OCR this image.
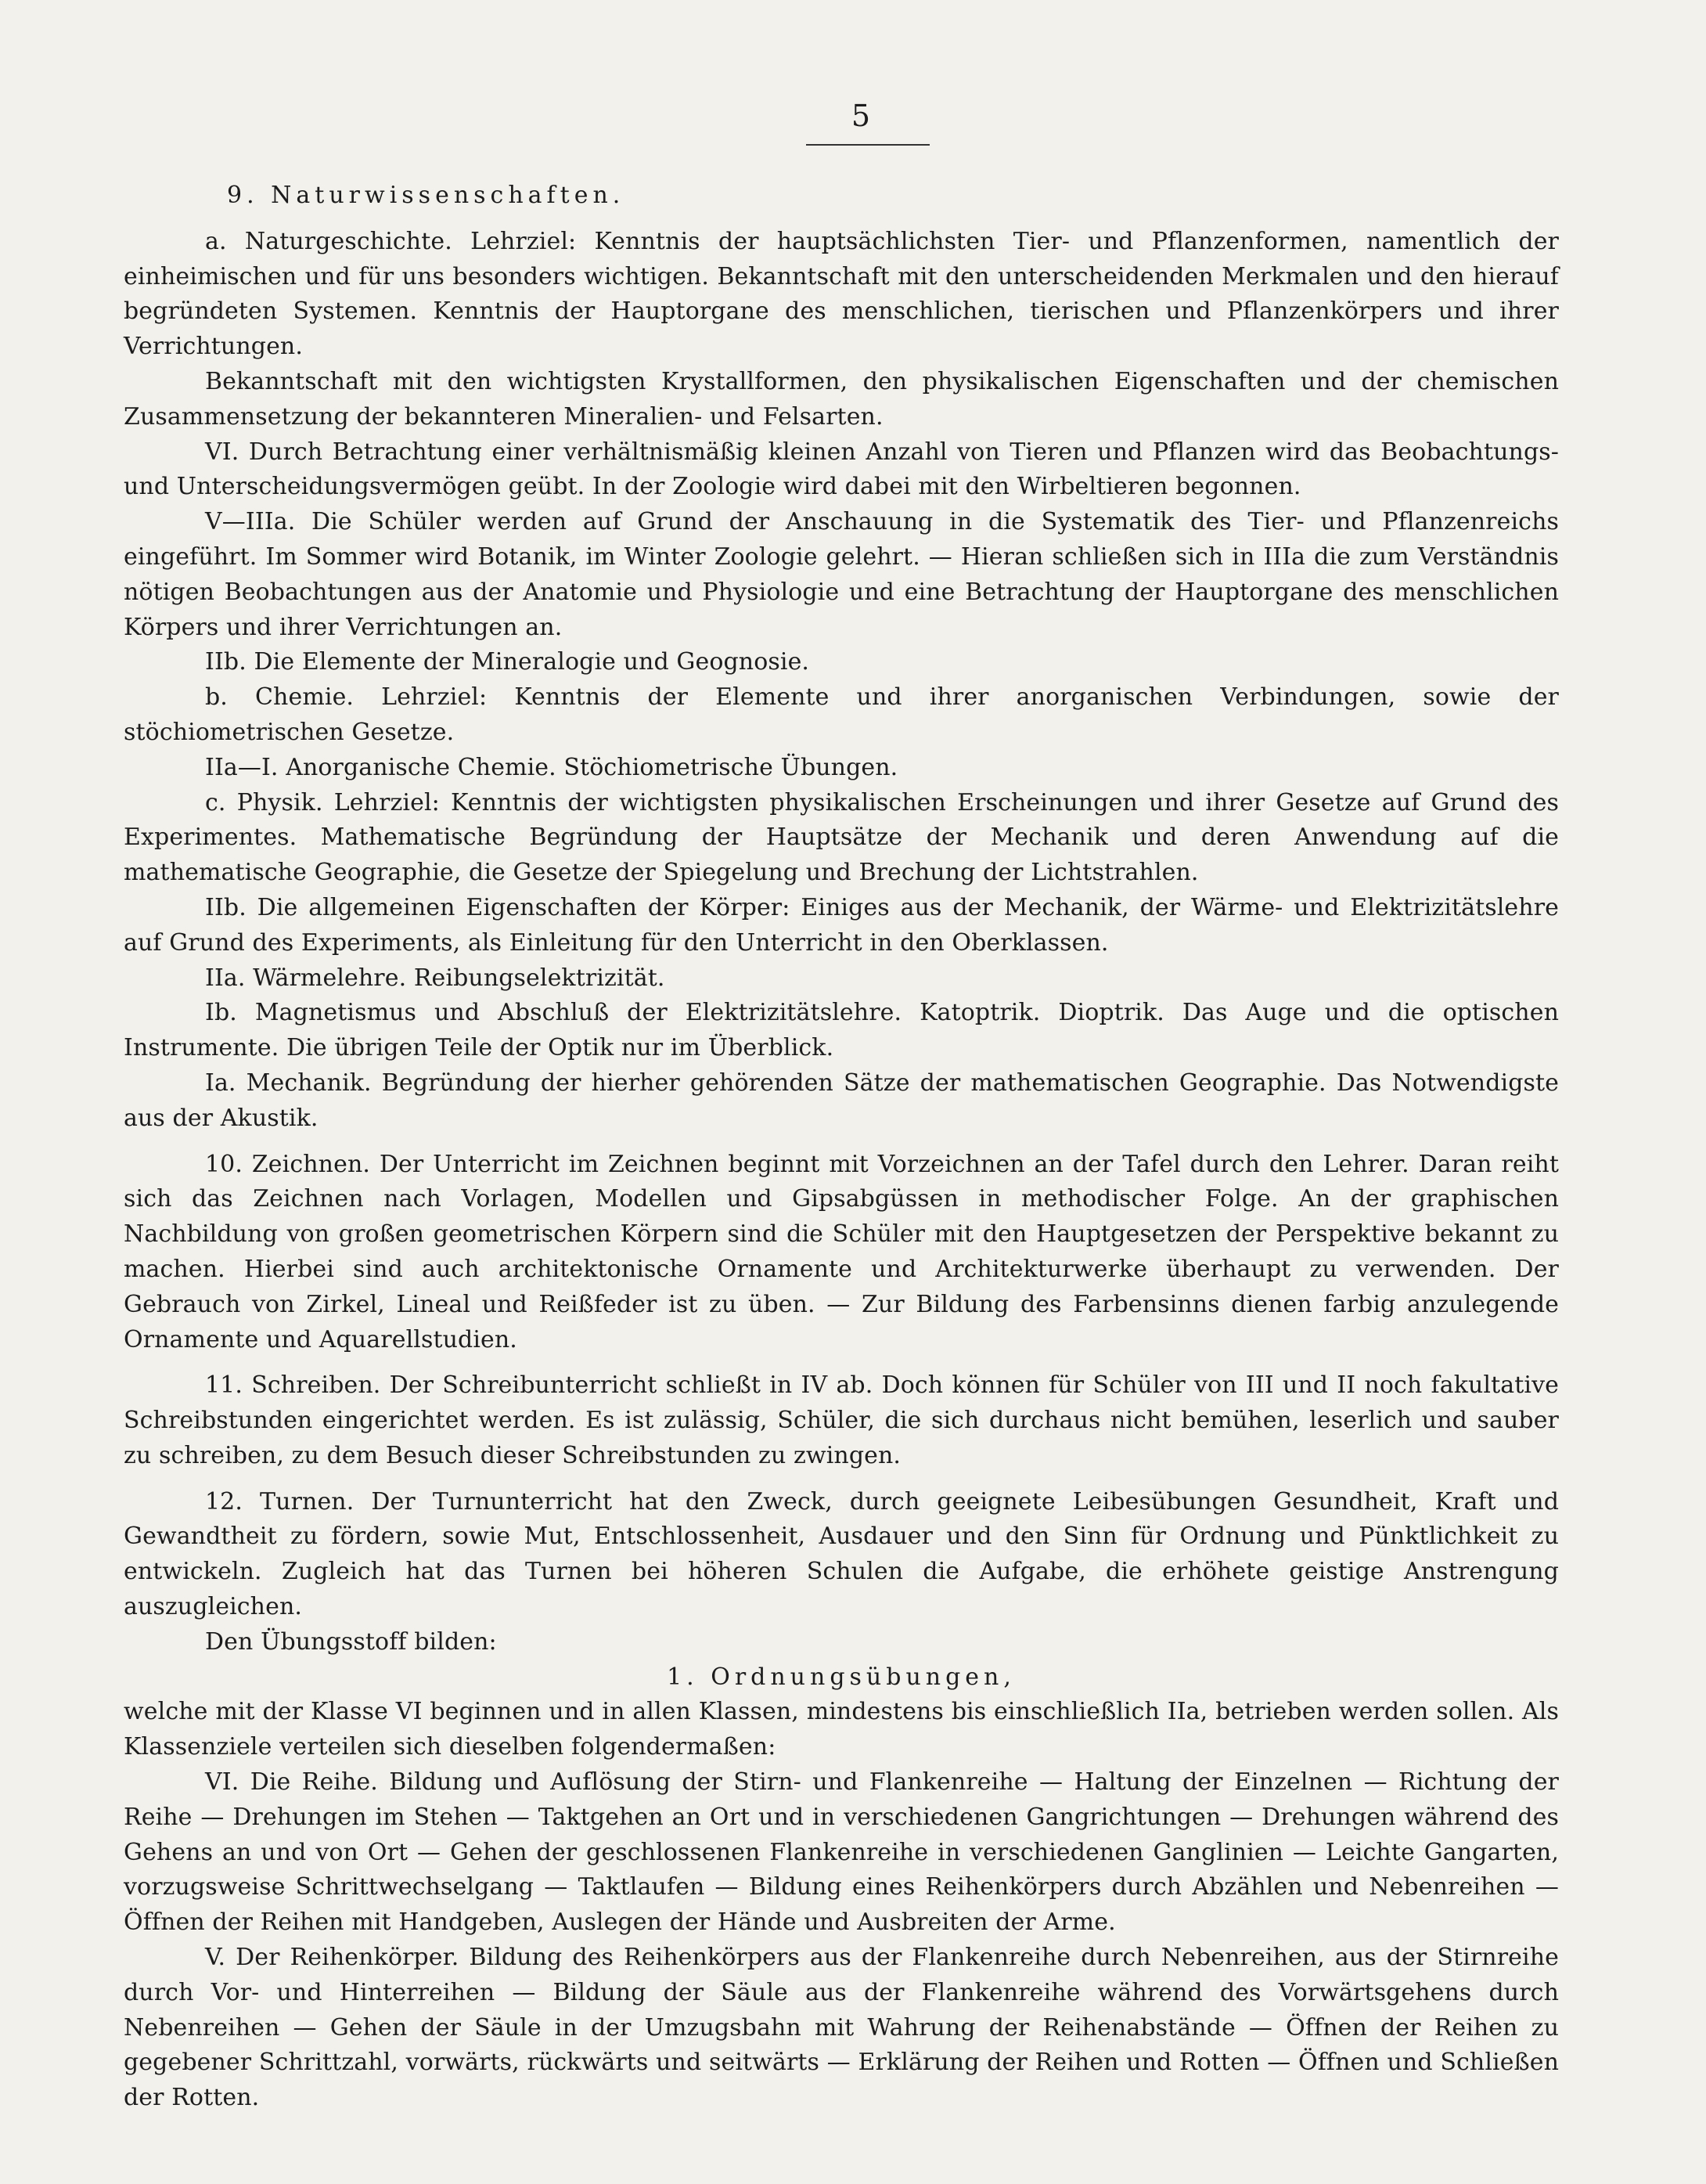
5

9. Naturwissenschaften.

a. Naturgeschichte. Lehrziel: Kenntnis der hauptsächlichsten Tier- und Pflanzenformen, namentlich der einheimischen und für uns besonders wichtigen. Bekanntschaft mit den unterscheidenden Merkmalen und den hierauf begründeten Systemen. Kenntnis der Hauptorgane des menschlichen, tierischen und Pflanzenkörpers und ihrer Verrichtungen.

Bekanntschaft mit den wichtigsten Krystallformen, den physikalischen Eigenschaften und der chemischen Zusammensetzung der bekannteren Mineralien- und Felsarten.

VI. Durch Betrachtung einer verhältnismäßig kleinen Anzahl von Tieren und Pflanzen wird das Beobachtungs- und Unterscheidungsvermögen geübt. In der Zoologie wird dabei mit den Wirbeltieren begonnen.

V—IIIa. Die Schüler werden auf Grund der Anschauung in die Systematik des Tier- und Pflanzenreichs eingeführt. Im Sommer wird Botanik, im Winter Zoologie gelehrt. — Hieran schließen sich in IIIa die zum Verständnis nötigen Beobachtungen aus der Anatomie und Physiologie und eine Betrachtung der Hauptorgane des menschlichen Körpers und ihrer Verrichtungen an.

IIb. Die Elemente der Mineralogie und Geognosie.

b. Chemie. Lehrziel: Kenntnis der Elemente und ihrer anorganischen Verbindungen, sowie der stöchiometrischen Gesetze.

IIa—I. Anorganische Chemie. Stöchiometrische Übungen.

c. Physik. Lehrziel: Kenntnis der wichtigsten physikalischen Erscheinungen und ihrer Gesetze auf Grund des Experimentes. Mathematische Begründung der Hauptsätze der Mechanik und deren Anwendung auf die mathematische Geographie, die Gesetze der Spiegelung und Brechung der Lichtstrahlen.

IIb. Die allgemeinen Eigenschaften der Körper: Einiges aus der Mechanik, der Wärme- und Elektrizitätslehre auf Grund des Experiments, als Einleitung für den Unterricht in den Oberklassen.

IIa. Wärmelehre. Reibungselektrizität.

Ib. Magnetismus und Abschluß der Elektrizitätslehre. Katoptrik. Dioptrik. Das Auge und die optischen Instrumente. Die übrigen Teile der Optik nur im Überblick.

Ia. Mechanik. Begründung der hierher gehörenden Sätze der mathematischen Geographie. Das Notwendigste aus der Akustik.

10. Zeichnen. Der Unterricht im Zeichnen beginnt mit Vorzeichnen an der Tafel durch den Lehrer. Daran reiht sich das Zeichnen nach Vorlagen, Modellen und Gipsabgüssen in methodischer Folge. An der graphischen Nachbildung von großen geometrischen Körpern sind die Schüler mit den Hauptgesetzen der Perspektive bekannt zu machen. Hierbei sind auch architektonische Ornamente und Architekturwerke überhaupt zu verwenden. Der Gebrauch von Zirkel, Lineal und Reißfeder ist zu üben. — Zur Bildung des Farbensinns dienen farbig anzulegende Ornamente und Aquarellstudien.

11. Schreiben. Der Schreibunterricht schließt in IV ab. Doch können für Schüler von III und II noch fakultative Schreibstunden eingerichtet werden. Es ist zulässig, Schüler, die sich durchaus nicht bemühen, leserlich und sauber zu schreiben, zu dem Besuch dieser Schreibstunden zu zwingen.

12. Turnen. Der Turnunterricht hat den Zweck, durch geeignete Leibesübungen Gesundheit, Kraft und Gewandtheit zu fördern, sowie Mut, Entschlossenheit, Ausdauer und den Sinn für Ordnung und Pünktlichkeit zu entwickeln. Zugleich hat das Turnen bei höheren Schulen die Aufgabe, die erhöhete geistige Anstrengung auszugleichen.

Den Übungsstoff bilden:

1. Ordnungsübungen,

welche mit der Klasse VI beginnen und in allen Klassen, mindestens bis einschließlich IIa, betrieben werden sollen. Als Klassenziele verteilen sich dieselben folgendermaßen:

VI. Die Reihe. Bildung und Auflösung der Stirn- und Flankenreihe — Haltung der Einzelnen — Richtung der Reihe — Drehungen im Stehen — Taktgehen an Ort und in verschiedenen Gangrichtungen — Drehungen während des Gehens an und von Ort — Gehen der geschlossenen Flankenreihe in verschiedenen Ganglinien — Leichte Gangarten, vorzugsweise Schrittwechselgang — Taktlaufen — Bildung eines Reihenkörpers durch Abzählen und Nebenreihen — Öffnen der Reihen mit Handgeben, Auslegen der Hände und Ausbreiten der Arme.

V. Der Reihenkörper. Bildung des Reihenkörpers aus der Flankenreihe durch Nebenreihen, aus der Stirnreihe durch Vor- und Hinterreihen — Bildung der Säule aus der Flankenreihe während des Vorwärtsgehens durch Nebenreihen — Gehen der Säule in der Umzugsbahn mit Wahrung der Reihenabstände — Öffnen der Reihen zu gegebener Schrittzahl, vorwärts, rückwärts und seitwärts — Erklärung der Reihen und Rotten — Öffnen und Schließen der Rotten.
